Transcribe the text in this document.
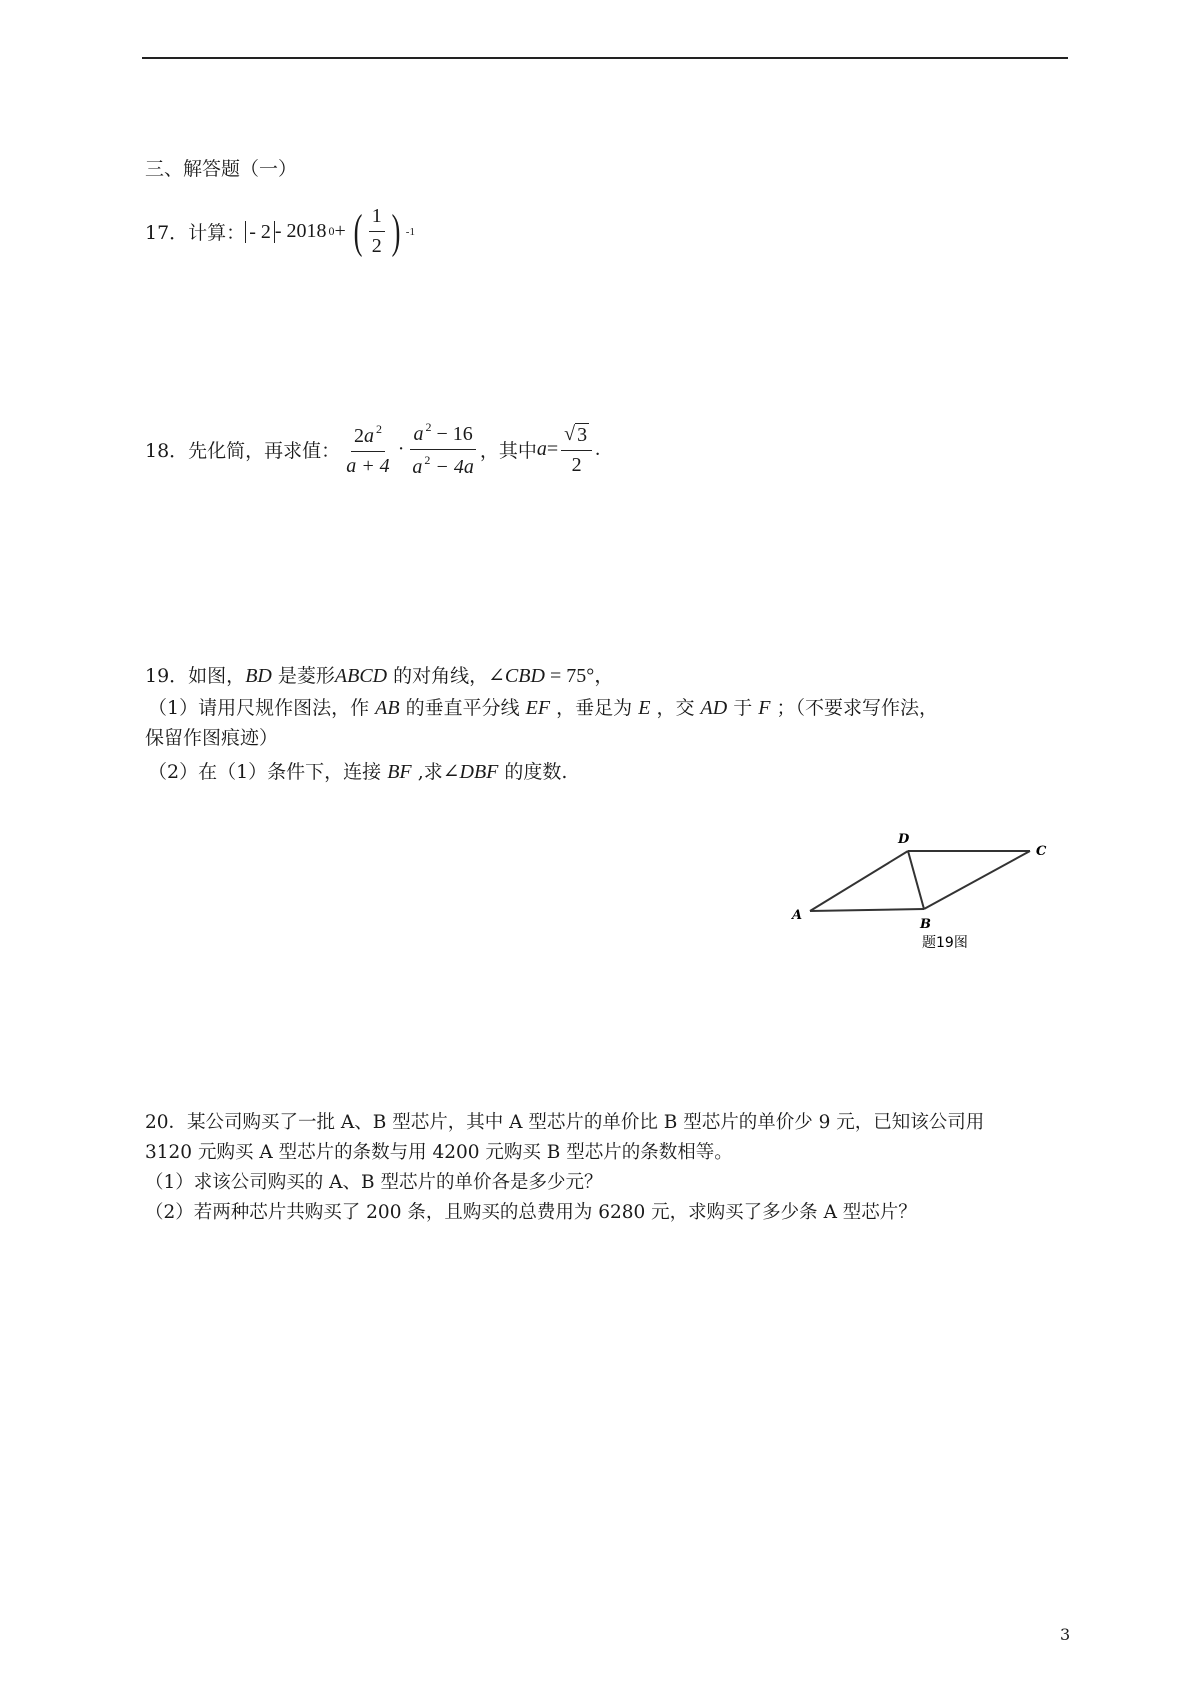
三、解答题（一）
17．计算： - 2 - 2018 0 + ( $\frac{1}{2}$ ) -1
18．先化简，再求值： $\frac{2a ^2}{a + 4} \cdot \frac{a ^2 - 16}{a ^2 - 4a}$ ，其中 $a = \frac{√ 3}{2}$ .
19．如图，BD 是菱形ABCD 的对角线，∠CBD = 75°，
（1）请用尺规作图法，作 AB 的垂直平分线 EF ，垂足为 E ，交 AD 于 F ；（不要求写作法，
保留作图痕迹）
（2）在（1）条件下，连接 BF ,求∠DBF 的度数.
A
B
C
D
题19图
20．某公司购买了一批 A、B 型芯片，其中 A 型芯片的单价比 B 型芯片的单价少 9 元，已知该公司用
3120 元购买 A 型芯片的条数与用 4200 元购买 B 型芯片的条数相等。
（1）求该公司购买的 A、B 型芯片的单价各是多少元？
（2）若两种芯片共购买了 200 条，且购买的总费用为 6280 元，求购买了多少条 A 型芯片？
3
